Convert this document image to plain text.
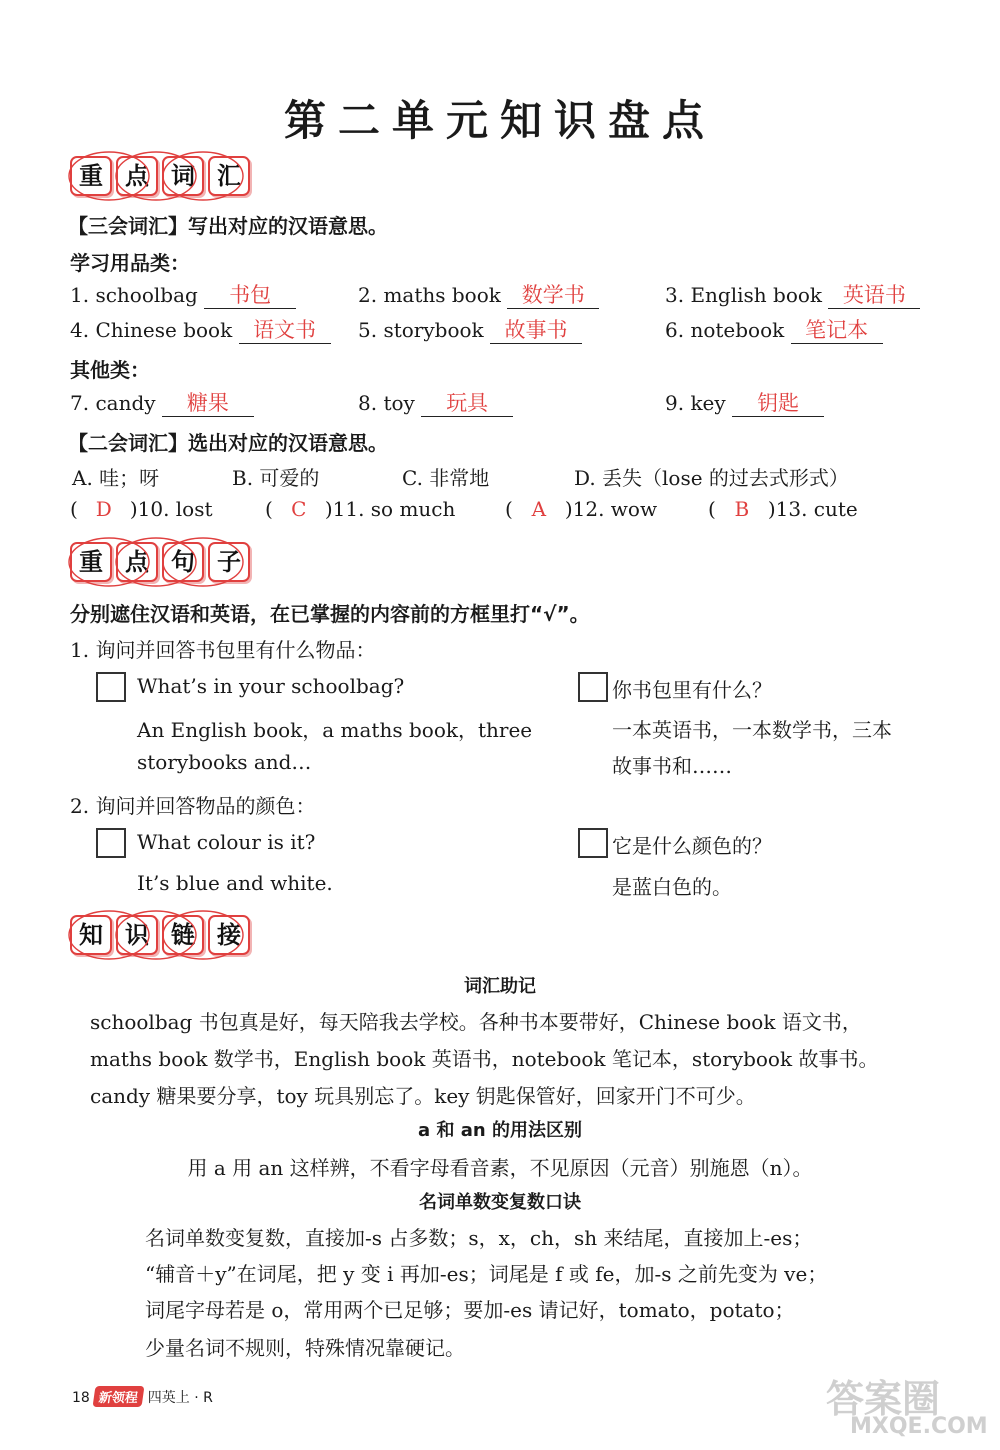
第二单元知识盘点
重 点 词 汇
【三会词汇】写出对应的汉语意思。
学习用品类：
1. schoolbag 书包	2. maths book 数学书	3. English book 英语书
4. Chinese book 语文书	5. storybook 故事书	6. notebook 笔记本
其他类：
7. candy 糖果	8. toy 玩具	9. key 钥匙
【二会词汇】选出对应的汉语意思。
A. 哇；呀	B. 可爱的	C. 非常地	D. 丢失（lose 的过去式形式）
( D )10. lost	( C )11. so much ( A )12. wow	( B )13. cute
重 点 句 子
分别遮住汉语和英语，在已掌握的内容前的方框里打“√”。
1. 询问并回答书包里有什么物品：
What’s in your schoolbag?
An English book，a maths book，three
storybooks and…
你书包里有什么？
一本英语书，一本数学书，三本
故事书和……
2. 询问并回答物品的颜色：
What colour is it?
It’s blue and white.
它是什么颜色的？
是蓝白色的。
知 识 链 接
词汇助记
schoolbag 书包真是好，每天陪我去学校。各种书本要带好，Chinese book 语文书，
maths book 数学书，English book 英语书，notebook 笔记本，storybook 故事书。
candy 糖果要分享，toy 玩具别忘了。key 钥匙保管好，回家开门不可少。
a 和 an 的用法区别
用 a 用 an 这样辨，不看字母看音素，不见原因（元音）别施恩（n）。
名词单数变复数口诀
名词单数变复数，直接加-s 占多数；s，x，ch，sh 来结尾，直接加上-es；
“辅音＋y”在词尾，把 y 变 i 再加-es；词尾是 f 或 fe，加-s 之前先变为 ve；
词尾字母若是 o，常用两个已足够；要加-es 请记好，tomato，potato；
少量名词不规则，特殊情况靠硬记。
18 新领程 四英上 · R	答案圈
MXQE.COM
